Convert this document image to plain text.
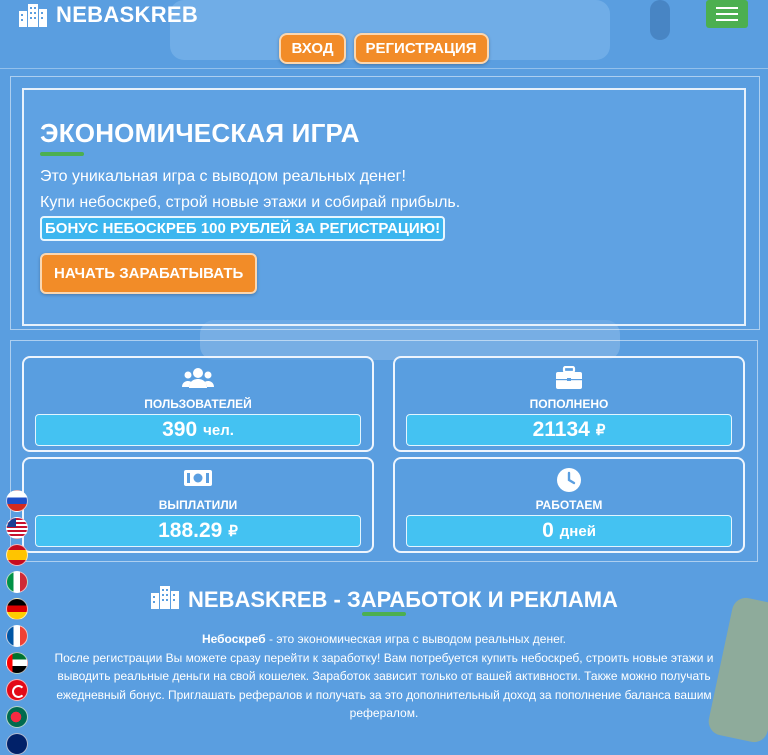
NEBASKREB
ВХОД	РЕГИСТРАЦИЯ
ЭКОНОМИЧЕСКАЯ ИГРА
Это уникальная игра с выводом реальных денег!
Купи небоскреб, строй новые этажи и собирай прибыль.
БОНУС НЕБОСКРЕБ 100 РУБЛЕЙ ЗА РЕГИСТРАЦИЮ!
НАЧАТЬ ЗАРАБАТЫВАТЬ
ПОЛЬЗОВАТЕЛЕЙ
390 чел.
ПОПОЛНЕНО
21134 ₽
ВЫПЛАТИЛИ
188.29 ₽
РАБОТАЕМ
0 дней
NEBASKREB - ЗАРАБОТОК И РЕКЛАМА
Небоскреб - это экономическая игра с выводом реальных денег.
После регистрации Вы можете сразу перейти к заработку! Вам потребуется купить небоскреб, строить новые этажи и выводить реальные деньги на свой кошелек. Заработок зависит только от вашей активности. Также можно получать ежедневный бонус. Приглашать рефералов и получать за это дополнительный доход за пополнение баланса вашим рефералом.
